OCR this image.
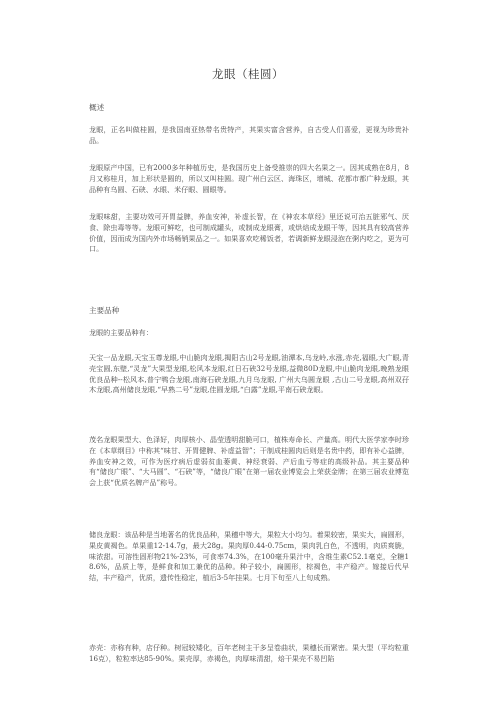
龙眼（桂圆）
概述

龙眼，正名叫做桂圆，是我国南亚热带名贵特产，其果实富含营养，自古受人们喜爱，更视为珍贵补品。

龙眼原产中国，已有2000多年种植历史，是我国历史上备受推崇的四大名果之一。因其成熟在8月，8月又称桂月，加上形状是圆的，所以又叫桂圆。现广州白云区、海珠区，增城、花都市都广种龙眼，其品种有乌圆、石硖、水眼、米仔眼、圆眼等。

龙眼味甜，主要功效可开胃益脾，养血安神，补虚长智，在《神农本草经》里还说可治五脏邪气、厌食、除虫毒等等。龙眼可鲜吃，也可制成罐头，或制成龙眼膏，或烘焙成龙眼干等，因其具有较高营养价值，因而成为国内外市场畅销果品之一。如果喜欢吃稀饭者，若调新鲜龙眼浸泡在粥内吃之，更为可口。

主要品种

龙眼的主要品种有：

天宝一品龙眼,天宝玉尊龙眼,中山脆肉龙眼,揭阳古山2号龙眼,油潭本,乌龙岭,水涨,赤壳,福眼,大广眼,青壳宝圆,东壁,“灵龙”大果型龙眼,松风本龙眼,红日石硖32号龙眼,益微80D龙眼,中山脆肉龙眼,晚熟龙眼优良品种--松风本,普宁鸭合龙眼,南海石硖龙眼,九月乌龙眼, 广州大乌圆龙眼 ,古山二号龙眼,高州双孖木龙眼,高州储良龙眼,“早熟二号”龙眼,佳圆龙眼,“白露”龙眼,平南石硖龙眼。

茂名龙眼果型大、色泽好，肉厚核小、晶莹透明甜脆可口，植株寿命长、产量高。明代大医学家李时珍在《本草纲目》中称其“味甘、开胃健脾、补虚益智”；干制成桂圆肉后则是名贵中药，即有补心益脾，养血安神之效，可作为医疗病后虚弱贫血萎黄、神经衰弱、产后血亏等症的高级补品。其主要品种有“储良广眼”、“大马圆”、“石硖”等，“储良广眼”在第一届农业博览会上荣获金牌；在第三届农业博览会上获“优质名牌产品”称号。

储良龙眼：该品种是当地著名的优良品种，果穗中等大，果粒大小均匀。着果较密，果实大，扁圆形，果皮黄褐色。单果重12-14.7g，最大28g。果肉厚0.44-0.75cm，果肉乳白色，不透明，肉质爽脆，味浓甜。可溶性固形物21%-23%，可食率74.3%，在100毫升果汁中，含维生素C52.1毫克，全糖18.6%，品质上等，是鲜食和加工兼优的品种。种子较小，扁圆形，棕褐色，丰产稳产。嫁接后代早结，丰产稳产，优质，遗传性稳定，植后3-5年挂果。七月下旬至八上旬成熟。

赤壳：亦称有种，店仔种。树冠较矮化，百年老树主干多呈卷曲状，果穗长而紧密。果大型（平均粒重16克），粒粒率达85-90%。果壳厚，赤褐色，肉厚味清甜，焙干果壳不易凹陷
